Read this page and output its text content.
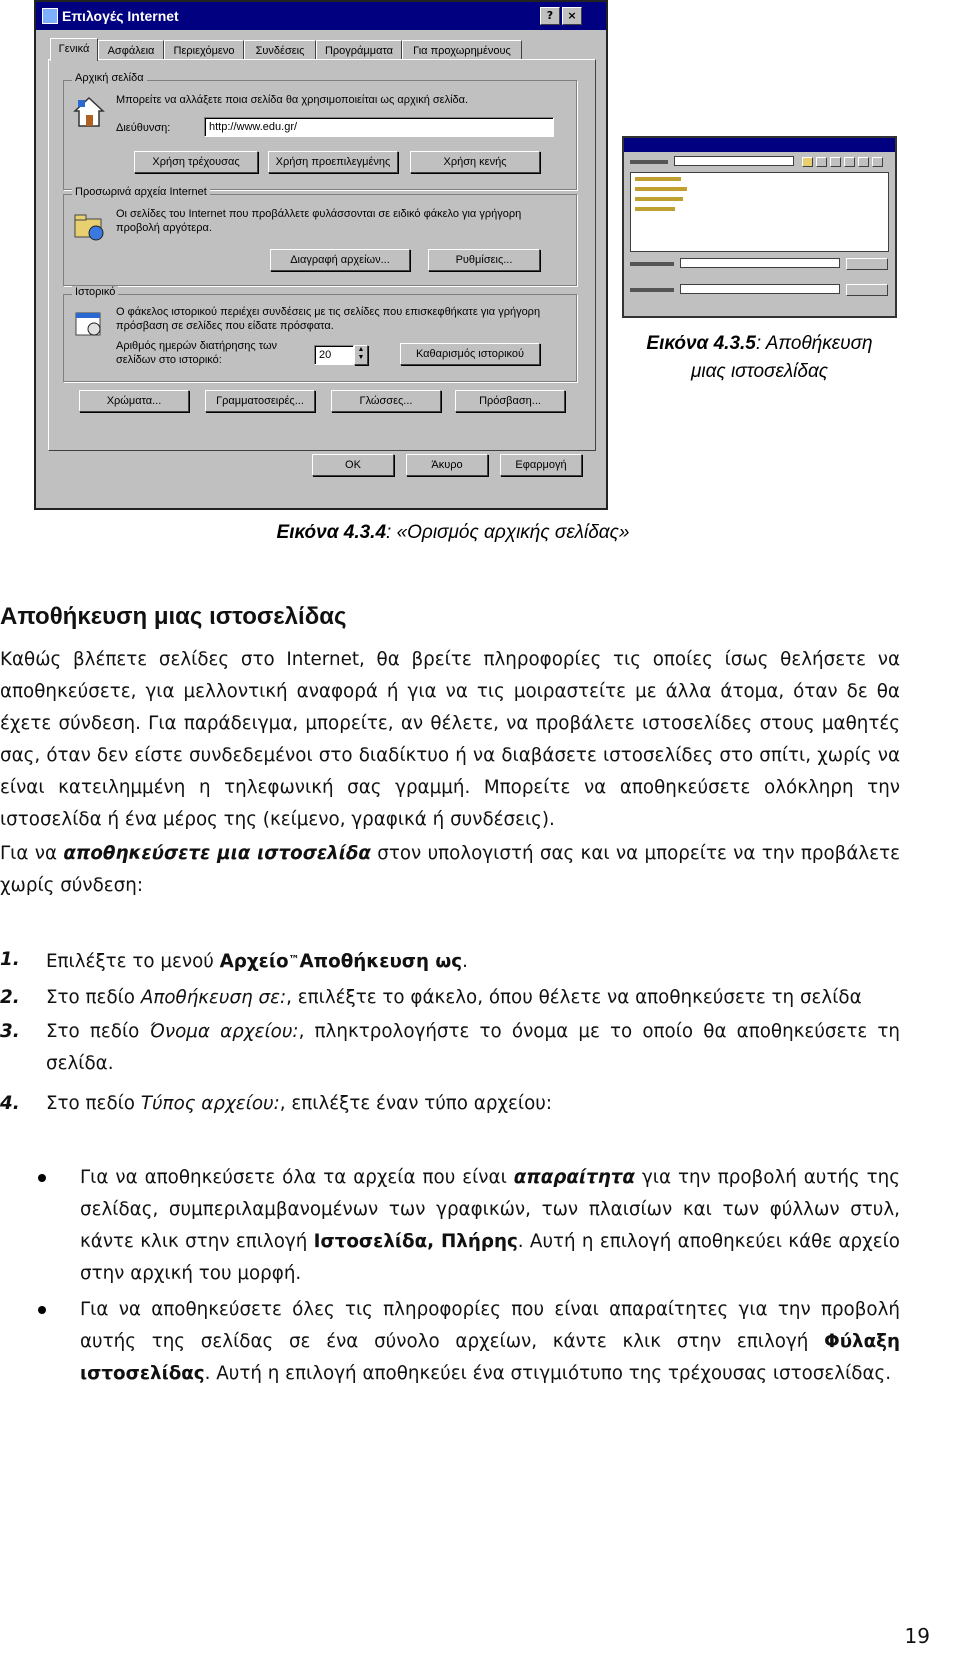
Επιλογές Internet	?	×
Γενικά	Ασφάλεια	Περιεχόμενο	Συνδέσεις	Προγράμματα	Για προχωρημένους
Αρχική σελίδα
Μπορείτε να αλλάξετε ποια σελίδα θα χρησιμοποιείται ως αρχική σελίδα.
Διεύθυνση:	http://www.edu.gr/
Χρήση τρέχουσας	Χρήση προεπιλεγμένης	Χρήση κενής
Προσωρινά αρχεία Internet
Οι σελίδες του Internet που προβάλλετε φυλάσσονται σε ειδικό φάκελο για γρήγορη προβολή αργότερα.
Διαγραφή αρχείων...	Ρυθμίσεις...
Ιστορικό
Ο φάκελος ιστορικού περιέχει συνδέσεις με τις σελίδες που επισκεφθήκατε για γρήγορη πρόσβαση σε σελίδες που είδατε πρόσφατα.
Αριθμός ημερών διατήρησης των σελίδων στο ιστορικό:	20	▲
▼	Καθαρισμός ιστορικού
Χρώματα...	Γραμματοσειρές...	Γλώσσες...	Πρόσβαση...
OK	Άκυρο	Εφαρμογή
Εικόνα 4.3.5: Αποθήκευση
μιας ιστοσελίδας
Εικόνα 4.3.4: «Ορισμός αρχικής σελίδας»
Αποθήκευση μιας ιστοσελίδας
Καθώς βλέπετε σελίδες στο Internet, θα βρείτε πληροφορίες τις οποίες ίσως θελήσετε να αποθηκεύσετε, για μελλοντική αναφορά ή για να τις μοιραστείτε με άλλα άτομα, όταν δε θα έχετε σύνδεση. Για παράδειγμα, μπορείτε, αν θέλετε, να προβάλετε ιστοσελίδες στους μαθητές σας, όταν δεν είστε συνδεδεμένοι στο διαδίκτυο ή να διαβάσετε ιστοσελίδες στο σπίτι, χωρίς να είναι κατειλημμένη η τηλεφωνική σας γραμμή. Μπορείτε να αποθηκεύσετε ολόκληρη την ιστοσελίδα ή ένα μέρος της (κείμενο, γραφικά ή συνδέσεις).
Για να αποθηκεύσετε μια ιστοσελίδα στον υπολογιστή σας και να μπορείτε να την προβάλετε χωρίς σύνδεση:
1. Επιλέξτε το μενού Αρχείο™Αποθήκευση ως.
2. Στο πεδίο Αποθήκευση σε:, επιλέξτε το φάκελο, όπου θέλετε να αποθηκεύσετε τη σελίδα
3. Στο πεδίο Όνομα αρχείου:, πληκτρολογήστε το όνομα με το οποίο θα αποθηκεύσετε τη σελίδα.
4. Στο πεδίο Τύπος αρχείου:, επιλέξτε έναν τύπο αρχείου:
Για να αποθηκεύσετε όλα τα αρχεία που είναι απαραίτητα για την προβολή αυτής της σελίδας, συμπεριλαμβανομένων των γραφικών, των πλαισίων και των φύλλων στυλ, κάντε κλικ στην επιλογή Ιστοσελίδα, Πλήρης. Αυτή η επιλογή αποθηκεύει κάθε αρχείο στην αρχική του μορφή.
Για να αποθηκεύσετε όλες τις πληροφορίες που είναι απαραίτητες για την προβολή αυτής της σελίδας σε ένα σύνολο αρχείων, κάντε κλικ στην επιλογή Φύλαξη ιστοσελίδας. Αυτή η επιλογή αποθηκεύει ένα στιγμιότυπο της τρέχουσας ιστοσελίδας.
19
